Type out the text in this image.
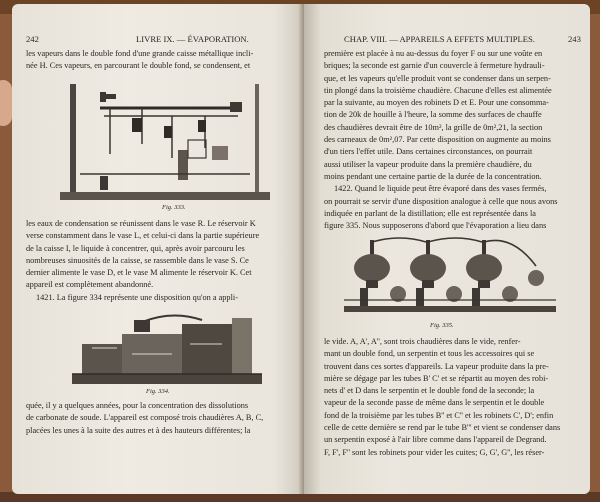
242	LIVRE IX. — ÉVAPORATION.
les vapeurs dans le double fond d'une grande caisse métallique incli-
née H. Ces vapeurs, en parcourant le double fond, se condensent, et
Fig. 333.
les eaux de condensation se réunissent dans le vase R. Le réservoir K
verse constamment dans le vase L, et celui-ci dans la partie supérieure
de la caisse I, le liquide à concentrer, qui, après avoir parcouru les
nombreuses sinuosités de la caisse, se rassemble dans le vase S. Ce
dernier alimente le vase D, et le vase M alimente le réservoir K. Cet
appareil est complètement abandonné.
1421. La figure 334 représente une disposition qu'on a appli-
Fig. 334.
quée, il y a quelques années, pour la concentration des dissolutions
de carbonate de soude. L'appareil est composé trois chaudières A, B, C,
placées les unes à la suite des autres et à des hauteurs différentes; la
CHAP. VIII. — APPAREILS A EFFETS MULTIPLES.	243
première est placée à nu au-dessus du foyer F ou sur une voûte en
briques; la seconde est garnie d'un couvercle à fermeture hydrauli-
que, et les vapeurs qu'elle produit vont se condenser dans un serpen-
tin plongé dans la troisième chaudière. Chacune d'elles est alimentée
par la suivante, au moyen des robinets D et E. Pour une consomma-
tion de 20k de houille à l'heure, la somme des surfaces de chauffe
des chaudières devrait être de 10m², la grille de 0m²,21, la section
des carneaux de 0m²,07. Par cette disposition on augmente au moins
d'un tiers l'effet utile. Dans certaines circonstances, on pourrait
aussi utiliser la vapeur produite dans la première chaudière, du
moins pendant une certaine partie de la durée de la concentration.
1422. Quand le liquide peut être évaporé dans des vases fermés,
on pourrait se servir d'une disposition analogue à celle que nous avons
indiquée en parlant de la distillation; elle est représentée dans la
figure 335. Nous supposerons d'abord que l'évaporation a lieu dans
Fig. 335.
le vide. A, A', A'', sont trois chaudières dans le vide, renfer-
mant un double fond, un serpentin et tous les accessoires qui se
trouvent dans ces sortes d'appareils. La vapeur produite dans la pre-
mière se dégage par les tubes B' C' et se répartit au moyen des robi-
nets d' et D dans le serpentin et le double fond de la seconde; la
vapeur de la seconde passe de même dans le serpentin et le double
fond de la troisième par les tubes B'' et C'' et les robinets C', D'; enfin
celle de cette dernière se rend par le tube B''' et vient se condenser dans
un serpentin exposé à l'air libre comme dans l'appareil de Degrand.
F, F', F'' sont les robinets pour vider les cuites; G, G', G'', les réser-
